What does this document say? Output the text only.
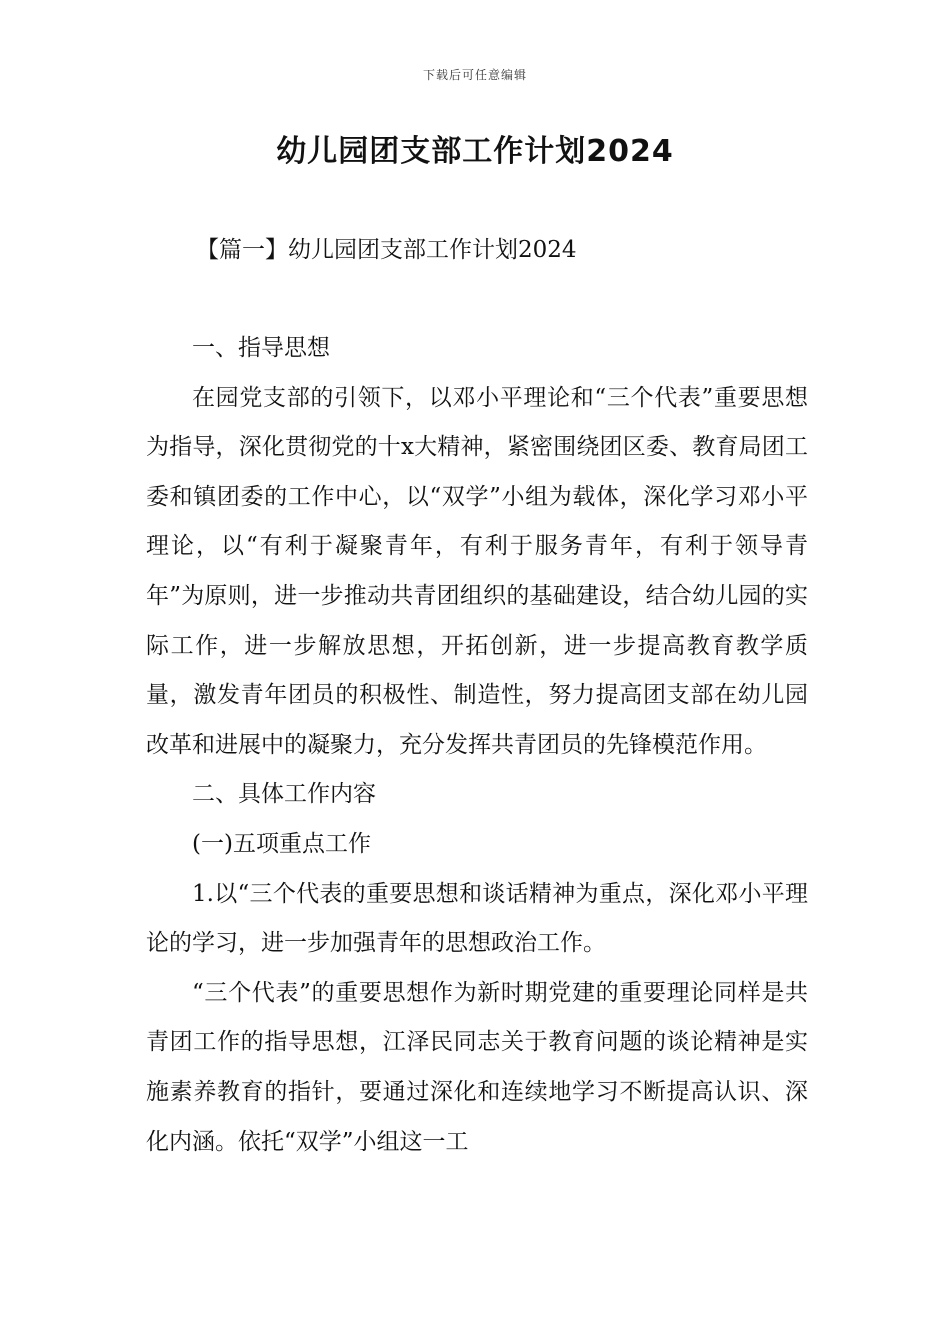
下载后可任意编辑
幼儿园团支部工作计划2024
【篇一】幼儿园团支部工作计划2024

一、指导思想

在园党支部的引领下，以邓小平理论和“三个代表”重要思想为指导，深化贯彻党的十x大精神，紧密围绕团区委、教育局团工委和镇团委的工作中心，以“双学”小组为载体，深化学习邓小平理论，以“有利于凝聚青年，有利于服务青年，有利于领导青年”为原则，进一步推动共青团组织的基础建设，结合幼儿园的实际工作，进一步解放思想，开拓创新，进一步提高教育教学质量，激发青年团员的积极性、制造性，努力提高团支部在幼儿园改革和进展中的凝聚力，充分发挥共青团员的先锋模范作用。

二、具体工作内容

(一)五项重点工作

1.以“三个代表的重要思想和谈话精神为重点，深化邓小平理论的学习，进一步加强青年的思想政治工作。

“三个代表”的重要思想作为新时期党建的重要理论同样是共青团工作的指导思想，江泽民同志关于教育问题的谈论精神是实施素养教育的指针，要通过深化和连续地学习不断提高认识、深化内涵。依托“双学”小组这一工
